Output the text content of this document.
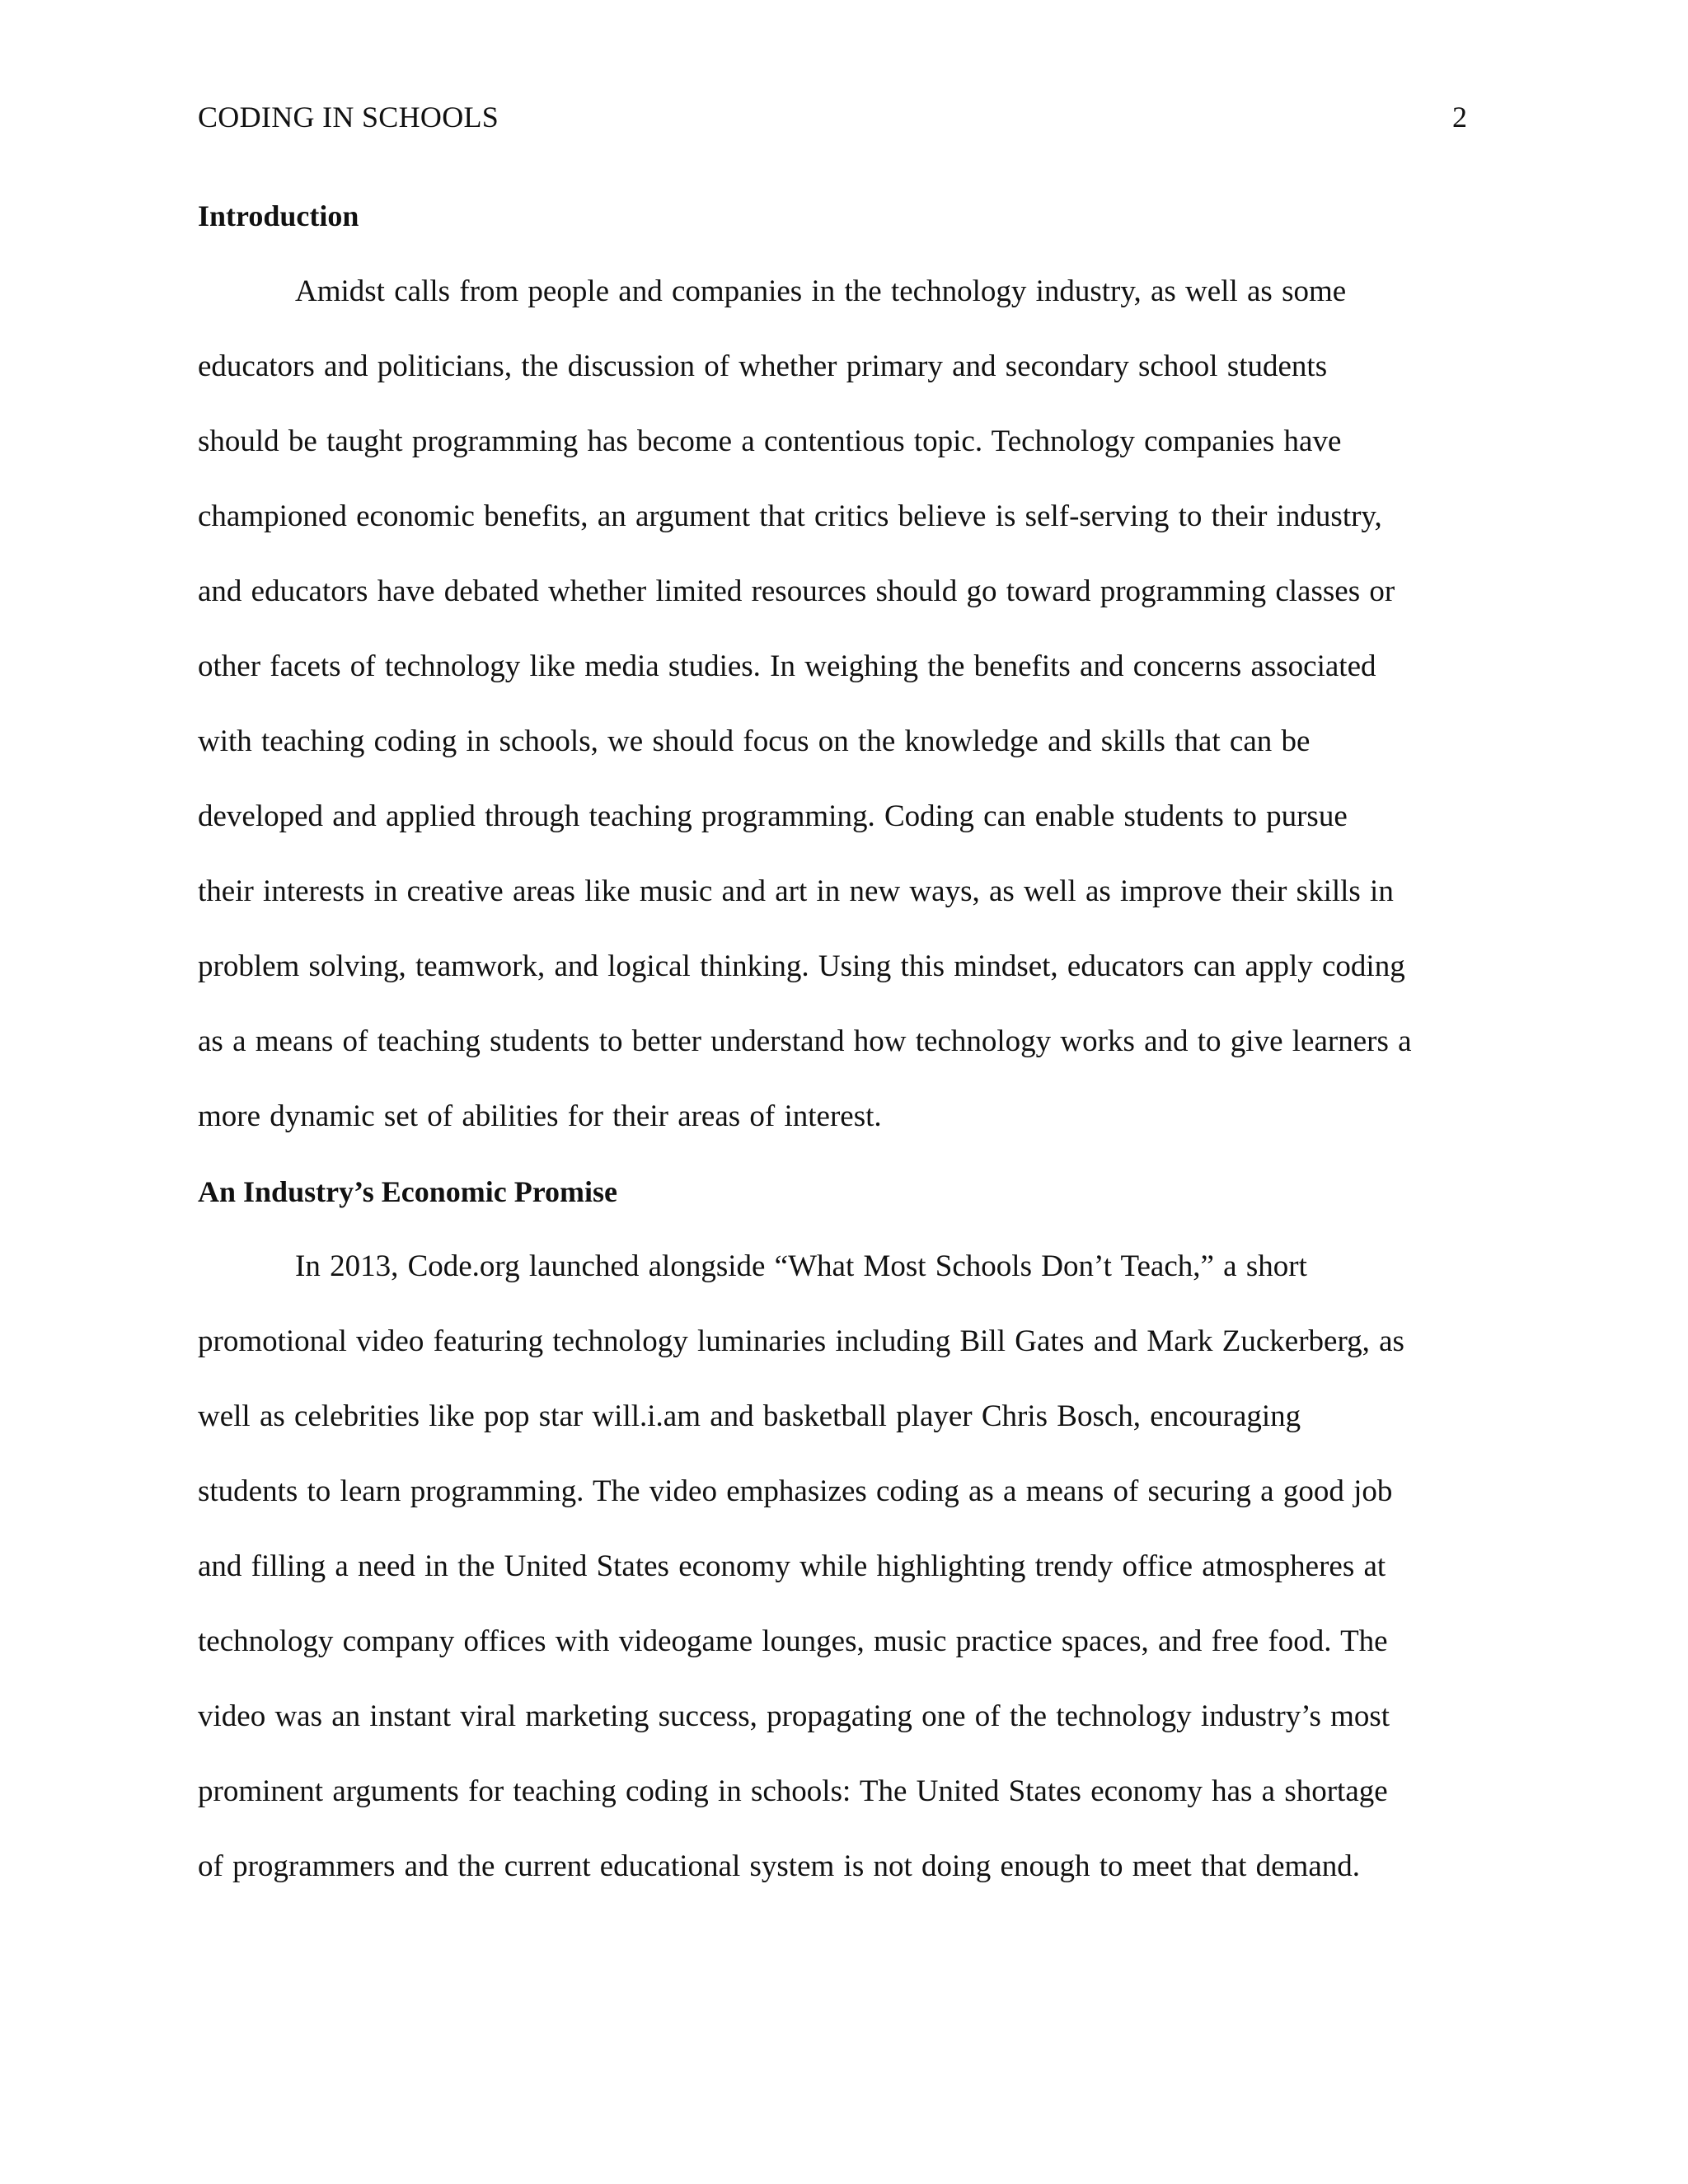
CODING IN SCHOOLS	2
Introduction
Amidst calls from people and companies in the technology industry, as well as some
educators and politicians, the discussion of whether primary and secondary school students
should be taught programming has become a contentious topic. Technology companies have
championed economic benefits, an argument that critics believe is self-serving to their industry,
and educators have debated whether limited resources should go toward programming classes or
other facets of technology like media studies. In weighing the benefits and concerns associated
with teaching coding in schools, we should focus on the knowledge and skills that can be
developed and applied through teaching programming. Coding can enable students to pursue
their interests in creative areas like music and art in new ways, as well as improve their skills in
problem solving, teamwork, and logical thinking. Using this mindset, educators can apply coding
as a means of teaching students to better understand how technology works and to give learners a
more dynamic set of abilities for their areas of interest.
An Industry’s Economic Promise
In 2013, Code.org launched alongside “What Most Schools Don’t Teach,” a short
promotional video featuring technology luminaries including Bill Gates and Mark Zuckerberg, as
well as celebrities like pop star will.i.am and basketball player Chris Bosch, encouraging
students to learn programming. The video emphasizes coding as a means of securing a good job
and filling a need in the United States economy while highlighting trendy office atmospheres at
technology company offices with videogame lounges, music practice spaces, and free food. The
video was an instant viral marketing success, propagating one of the technology industry’s most
prominent arguments for teaching coding in schools: The United States economy has a shortage
of programmers and the current educational system is not doing enough to meet that demand.
